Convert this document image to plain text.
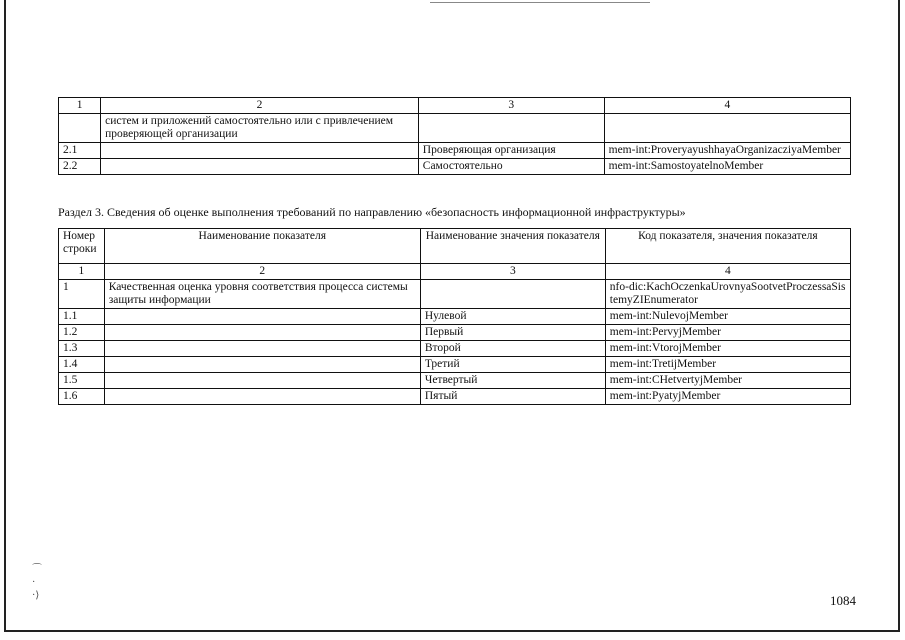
1	2	3	4
	систем и приложений самостоятельно или с привлечением проверяющей организации		
2.1		Проверяющая организация	mem-int:ProveryayushhayaOrganizacziyaMember
2.2		Самостоятельно	mem-int:SamostoyatelnoMember
Раздел 3. Сведения об оценке выполнения требований по направлению «безопасность информационной инфраструктуры»
Номер строки	Наименование показателя	Наименование значения показателя	Код показателя, значения показателя
1	2	3	4
1	Качественная оценка уровня соответствия процесса системы защиты информации		nfo-dic:KachOczenkaUrovnyaSootvetProczessaSistemyZIEnumerator
1.1		Нулевой	mem-int:NulevojMember
1.2		Первый	mem-int:PervyjMember
1.3		Второй	mem-int:VtorojMember
1.4		Третий	mem-int:TretijMember
1.5		Четвертый	mem-int:CHetvertyjMember
1.6		Пятый	mem-int:PyatyjMember
⌒
·
·⟩	1084
